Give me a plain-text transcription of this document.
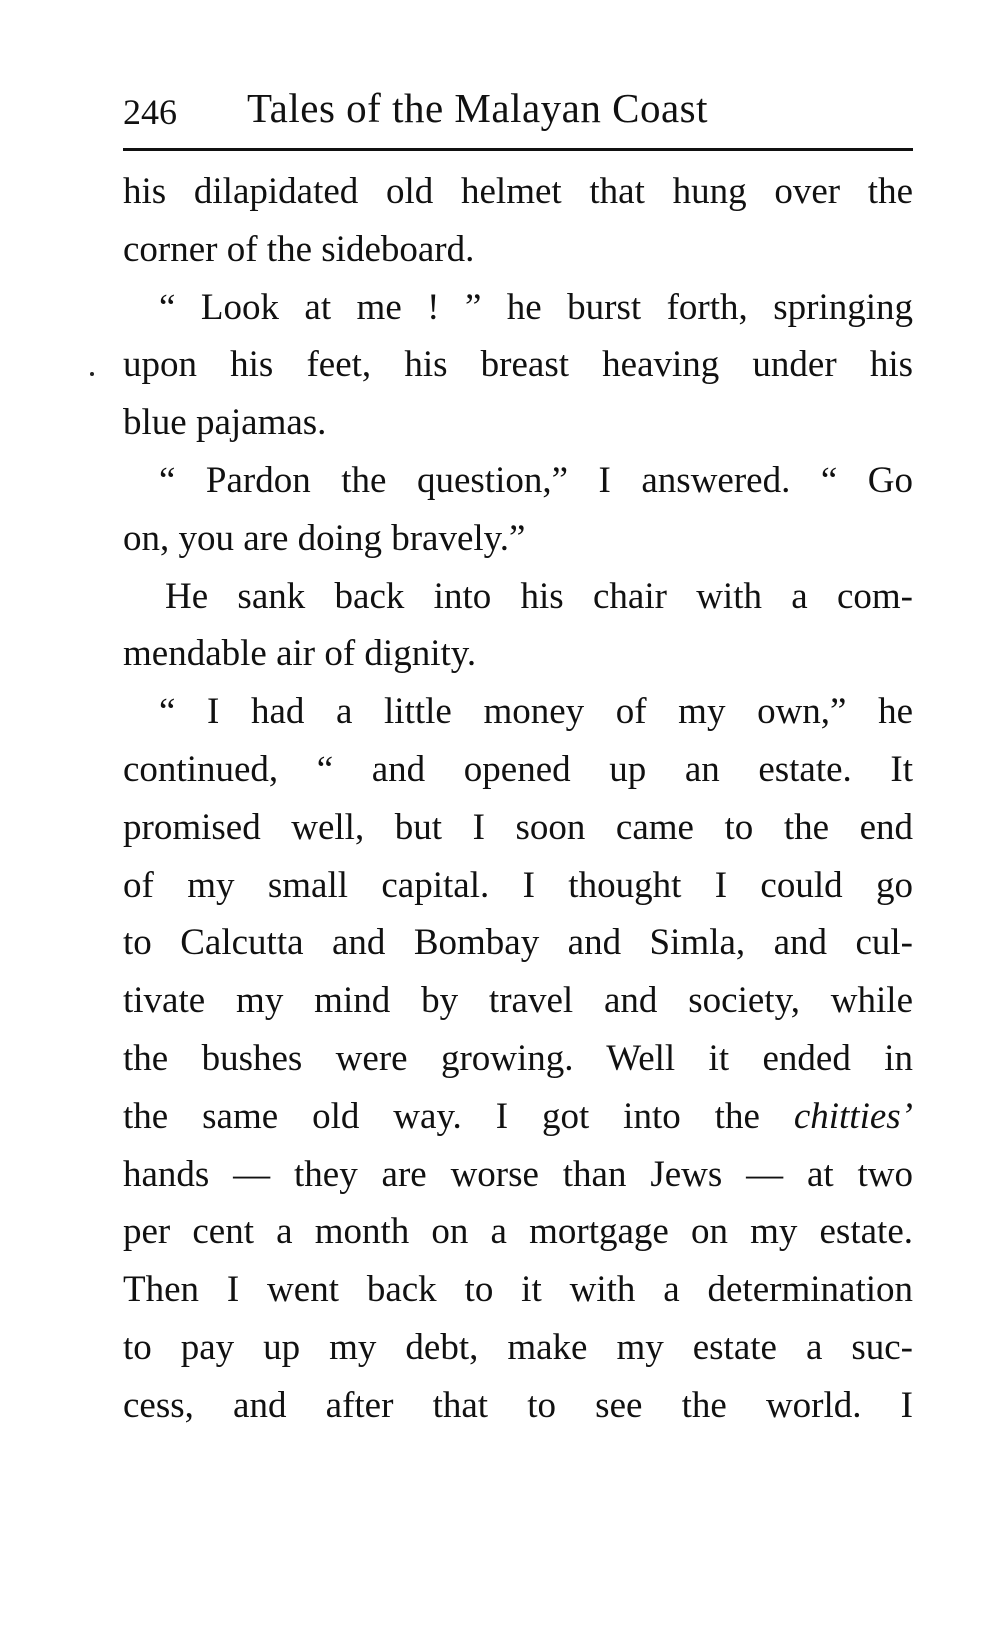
246 Tales of the Malayan Coast
his dilapidated old helmet that hung over the
corner of the sideboard.
“ Look at me ! ” he burst forth, springing
upon his feet, his breast heaving under his
blue pajamas.
“ Pardon the question,” I answered. “ Go
on, you are doing bravely.”
He sank back into his chair with a com-
mendable air of dignity.
“ I had a little money of my own,” he
continued, “ and opened up an estate. It
promised well, but I soon came to the end
of my small capital. I thought I could go
to Calcutta and Bombay and Simla, and cul-
tivate my mind by travel and society, while
the bushes were growing. Well it ended in
the same old way. I got into the chitties’
hands — they are worse than Jews — at two
per cent a month on a mortgage on my estate.
Then I went back to it with a determination
to pay up my debt, make my estate a suc-
cess, and after that to see the world. I
